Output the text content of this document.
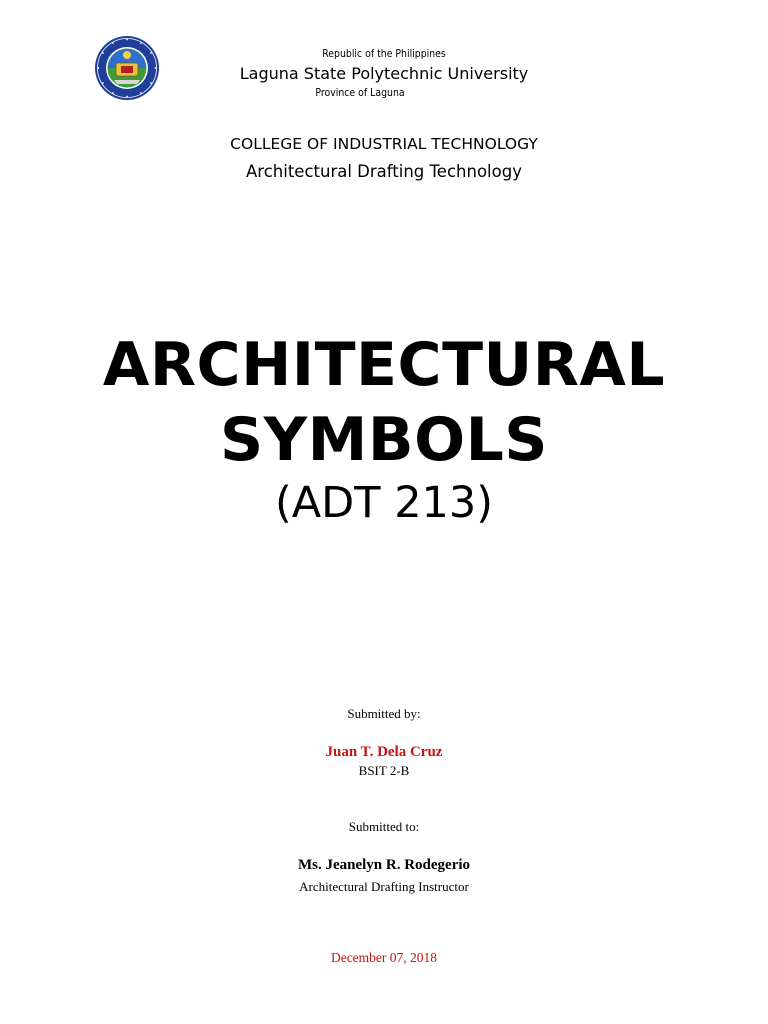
Republic of the Philippines
Laguna State Polytechnic University
Province of Laguna
COLLEGE OF INDUSTRIAL TECHNOLOGY
Architectural Drafting Technology
ARCHITECTURAL
SYMBOLS
(ADT 213)
Submitted by:
Juan T. Dela Cruz
BSIT 2-B
Submitted to:
Ms. Jeanelyn R. Rodegerio
Architectural Drafting Instructor
December 07, 2018
